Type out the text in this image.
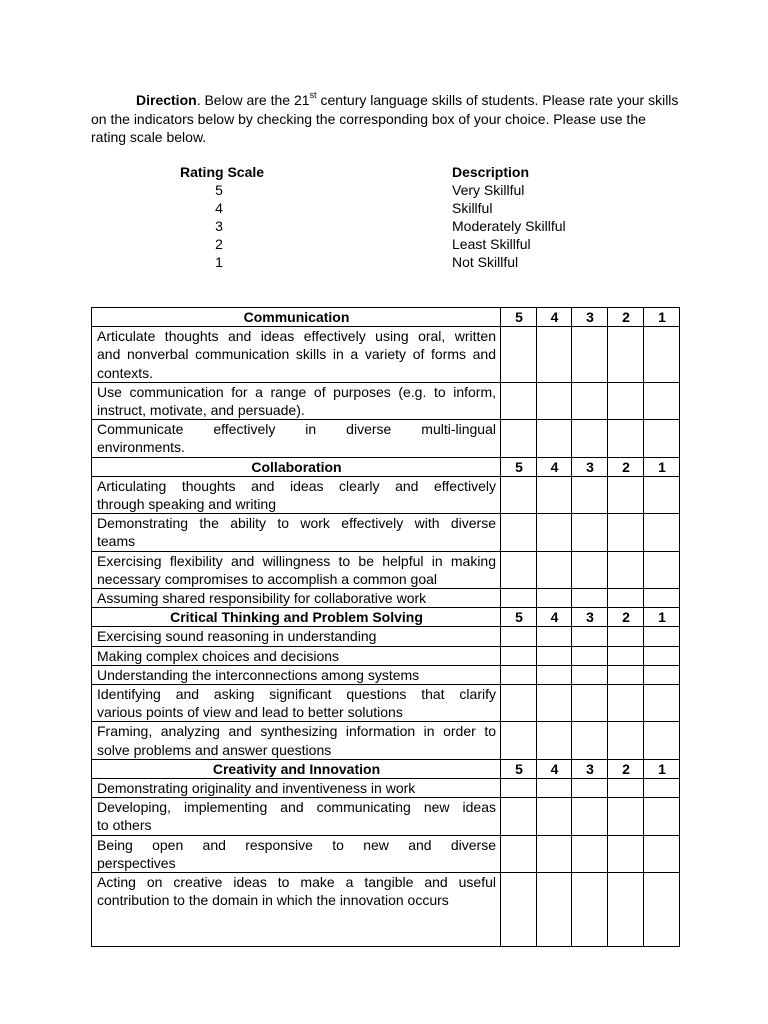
Direction. Below are the 21st century language skills of students. Please rate your skills on the indicators below by checking the corresponding box of your choice. Please use the rating scale below.

Rating Scale	Description
5	Very Skillful
4	Skillful
3	Moderately Skillful
2	Least Skillful
1	Not Skillful
Communication	5	4	3	2	1

Articulate thoughts and ideas effectively using oral, written
and nonverbal communication skills in a variety of forms and
contexts.					

Use communication for a range of purposes (e.g. to inform,
instruct, motivate, and persuade).					

Communicate effectively in diverse multi-lingual
environments.					

Collaboration	5	4	3	2	1

Articulating thoughts and ideas clearly and effectively
through speaking and writing					

Demonstrating the ability to work effectively with diverse
teams					

Exercising flexibility and willingness to be helpful in making
necessary compromises to accomplish a common goal					

Assuming shared responsibility for collaborative work					

Critical Thinking and Problem Solving	5	4	3	2	1

Exercising sound reasoning in understanding					

Making complex choices and decisions					

Understanding the interconnections among systems					

Identifying and asking significant questions that clarify
various points of view and lead to better solutions					

Framing, analyzing and synthesizing information in order to
solve problems and answer questions					

Creativity and Innovation	5	4	3	2	1

Demonstrating originality and inventiveness in work					

Developing, implementing and communicating new ideas
to others					

Being open and responsive to new and diverse
perspectives					

Acting on creative ideas to make a tangible and useful
contribution to the domain in which the innovation occurs					
